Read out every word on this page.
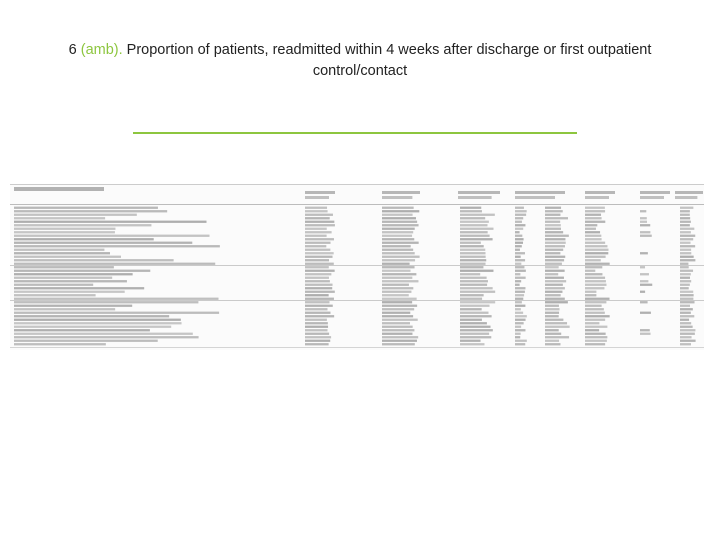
6 (amb). Proportion of patients, readmitted within 4 weeks after discharge or first outpatient control/contact
